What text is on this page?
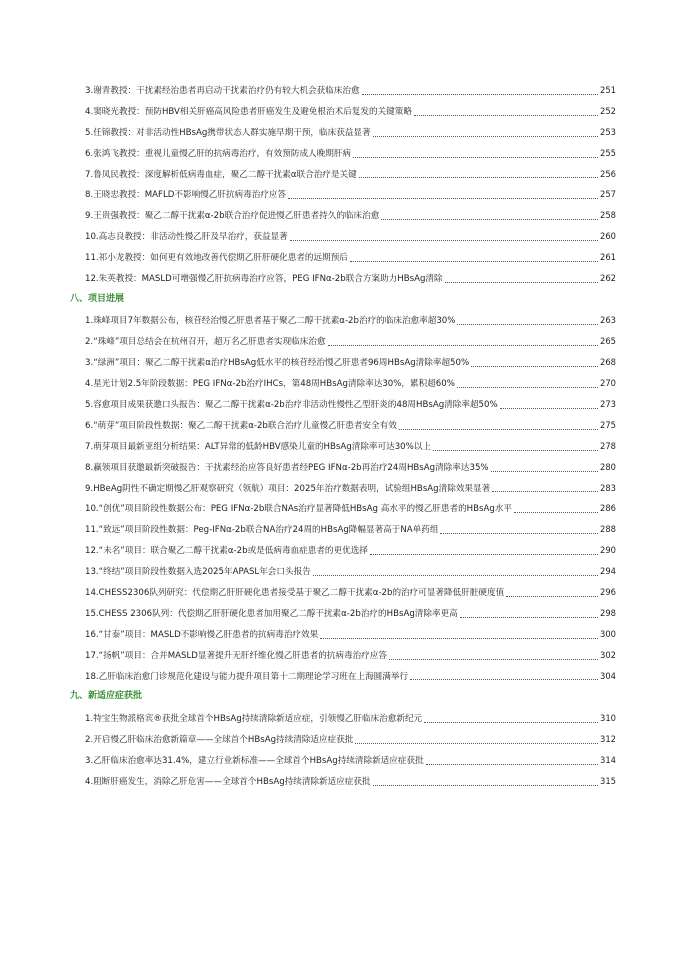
3.谢青教授：干扰素经治患者再启动干扰素治疗仍有较大机会获临床治愈	251
4.窦晓光教授：预防HBV相关肝癌高风险患者肝癌发生及避免根治术后复发的关键策略	252
5.任锦教授：对非活动性HBsAg携带状态人群实施早期干预，临床获益显著	253
6.张鸿飞教授：重视儿童慢乙肝的抗病毒治疗，有效预防成人晚期肝病	255
7.鲁凤民教授：深度解析低病毒血症，聚乙二醇干扰素α联合治疗是关键	256
8.王晓忠教授：MAFLD不影响慢乙肝抗病毒治疗应答	257
9.王贵强教授：聚乙二醇干扰素α-2b联合治疗促进慢乙肝患者持久的临床治愈	258
10.高志良教授：非活动性慢乙肝及早治疗，获益显著	260
11.祁小龙教授：如何更有效地改善代偿期乙肝肝硬化患者的远期预后	261
12.朱英教授：MASLD可增强慢乙肝抗病毒治疗应答，PEG IFNα-2b联合方案助力HBsAg清除	262
八、项目进展
1.珠峰项目7年数据公布，核苷经治慢乙肝患者基于聚乙二醇干扰素α-2b治疗的临床治愈率超30%	263
2.“珠峰”项目总结会在杭州召开，超万名乙肝患者实现临床治愈	265
3.“绿洲”项目：聚乙二醇干扰素α治疗HBsAg低水平的核苷经治慢乙肝患者96周HBsAg清除率超50%	268
4.星光计划2.5年阶段数据：PEG IFNα-2b治疗IHCs，第48周HBsAg清除率达30%，累积超60%	270
5.容愈项目成果获邀口头报告：聚乙二醇干扰素α-2b治疗非活动性慢性乙型肝炎的48周HBsAg清除率超50%	273
6.“萌芽”项目阶段性数据：聚乙二醇干扰素α-2b联合治疗儿童慢乙肝患者安全有效	275
7.萌芽项目最新亚组分析结果：ALT异常的低龄HBV感染儿童的HBsAg清除率可达30%以上	278
8.赢领项目获邀最新突破报告：干扰素经治应答良好患者经PEG IFNα-2b再治疗24周HBsAg清除率达35%	280
9.HBeAg阴性不确定期慢乙肝观察研究（领航）项目：2025年治疗数据表明，试验组HBsAg清除效果显著	283
10.“创优”项目阶段性数据公布：PEG IFNα-2b联合NAs治疗显著降低HBsAg 高水平的慢乙肝患者的HBsAg水平	286
11.“致远”项目阶段性数据：Peg-IFNα-2b联合NA治疗24周的HBsAg降幅显著高于NA单药组	288
12.“未名”项目：联合聚乙二醇干扰素α-2b或是低病毒血症患者的更优选择	290
13.“终结”项目阶段性数据入选2025年APASL年会口头报告	294
14.CHESS2306队列研究：代偿期乙肝肝硬化患者接受基于聚乙二醇干扰素α-2b的治疗可显著降低肝脏硬度值	296
15.CHESS 2306队列：代偿期乙肝肝硬化患者加用聚乙二醇干扰素α-2b治疗的HBsAg清除率更高	298
16.“甘泰”项目：MASLD不影响慢乙肝患者的抗病毒治疗效果	300
17.“扬帆”项目：合并MASLD显著提升无肝纤维化慢乙肝患者的抗病毒治疗应答	302
18.乙肝临床治愈门诊规范化建设与能力提升项目第十二期理论学习班在上海圆满举行	304
九、新适应症获批
1.特宝生物派格宾®获批全球首个HBsAg持续清除新适应症，引领慢乙肝临床治愈新纪元	310
2.开启慢乙肝临床治愈新篇章——全球首个HBsAg持续清除适应症获批	312
3.乙肝临床治愈率达31.4%，建立行业新标准——全球首个HBsAg持续清除新适应症获批	314
4.阻断肝癌发生，消除乙肝危害——全球首个HBsAg持续清除新适应症获批	315
